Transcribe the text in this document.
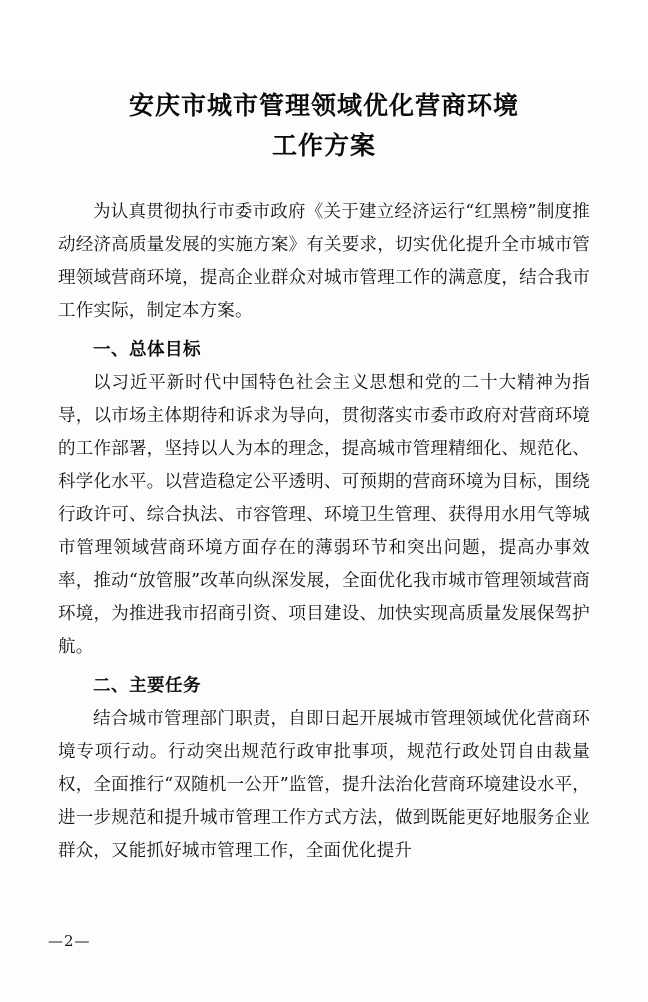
安庆市城市管理领域优化营商环境
工作方案

为认真贯彻执行市委市政府《关于建立经济运行“红黑榜”制度推动经济高质量发展的实施方案》有关要求，切实优化提升全市城市管理领域营商环境，提高企业群众对城市管理工作的满意度，结合我市工作实际，制定本方案。

一、总体目标

以习近平新时代中国特色社会主义思想和党的二十大精神为指导，以市场主体期待和诉求为导向，贯彻落实市委市政府对营商环境的工作部署，坚持以人为本的理念，提高城市管理精细化、规范化、科学化水平。以营造稳定公平透明、可预期的营商环境为目标，围绕行政许可、综合执法、市容管理、环境卫生管理、获得用水用气等城市管理领域营商环境方面存在的薄弱环节和突出问题，提高办事效率，推动“放管服”改革向纵深发展，全面优化我市城市管理领域营商环境，为推进我市招商引资、项目建设、加快实现高质量发展保驾护航。

二、主要任务

结合城市管理部门职责，自即日起开展城市管理领域优化营商环境专项行动。行动突出规范行政审批事项，规范行政处罚自由裁量权，全面推行“双随机一公开”监管，提升法治化营商环境建设水平，进一步规范和提升城市管理工作方式方法，做到既能更好地服务企业群众，又能抓好城市管理工作，全面优化提升

—2—
